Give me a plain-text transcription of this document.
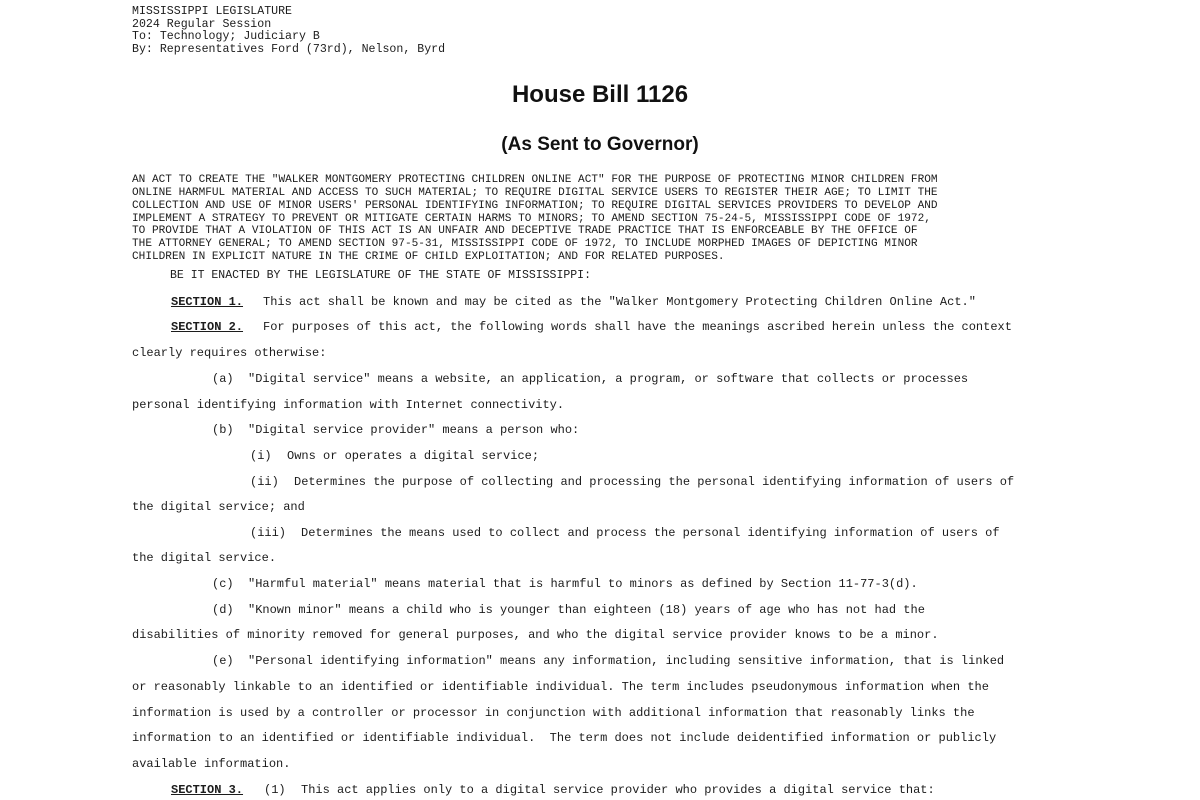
MISSISSIPPI LEGISLATURE
2024 Regular Session
To: Technology; Judiciary B
By: Representatives Ford (73rd), Nelson, Byrd
House Bill 1126
(As Sent to Governor)
AN ACT TO CREATE THE "WALKER MONTGOMERY PROTECTING CHILDREN ONLINE ACT" FOR THE PURPOSE OF PROTECTING MINOR CHILDREN FROM
ONLINE HARMFUL MATERIAL AND ACCESS TO SUCH MATERIAL; TO REQUIRE DIGITAL SERVICE USERS TO REGISTER THEIR AGE; TO LIMIT THE
COLLECTION AND USE OF MINOR USERS' PERSONAL IDENTIFYING INFORMATION; TO REQUIRE DIGITAL SERVICES PROVIDERS TO DEVELOP AND
IMPLEMENT A STRATEGY TO PREVENT OR MITIGATE CERTAIN HARMS TO MINORS; TO AMEND SECTION 75-24-5, MISSISSIPPI CODE OF 1972,
TO PROVIDE THAT A VIOLATION OF THIS ACT IS AN UNFAIR AND DECEPTIVE TRADE PRACTICE THAT IS ENFORCEABLE BY THE OFFICE OF
THE ATTORNEY GENERAL; TO AMEND SECTION 97-5-31, MISSISSIPPI CODE OF 1972, TO INCLUDE MORPHED IMAGES OF DEPICTING MINOR
CHILDREN IN EXPLICIT NATURE IN THE CRIME OF CHILD EXPLOITATION; AND FOR RELATED PURPOSES.
BE IT ENACTED BY THE LEGISLATURE OF THE STATE OF MISSISSIPPI:
SECTION 1. This act shall be known and may be cited as the "Walker Montgomery Protecting Children Online Act."
SECTION 2. For purposes of this act, the following words shall have the meanings ascribed herein unless the context
clearly requires otherwise:
(a) "Digital service" means a website, an application, a program, or software that collects or processes
personal identifying information with Internet connectivity.
(b) "Digital service provider" means a person who:
(i) Owns or operates a digital service;
(ii) Determines the purpose of collecting and processing the personal identifying information of users of
the digital service; and
(iii) Determines the means used to collect and process the personal identifying information of users of
the digital service.
(c) "Harmful material" means material that is harmful to minors as defined by Section 11-77-3(d).
(d) "Known minor" means a child who is younger than eighteen (18) years of age who has not had the
disabilities of minority removed for general purposes, and who the digital service provider knows to be a minor.
(e) "Personal identifying information" means any information, including sensitive information, that is linked
or reasonably linkable to an identified or identifiable individual. The term includes pseudonymous information when the
information is used by a controller or processor in conjunction with additional information that reasonably links the
information to an identified or identifiable individual.  The term does not include deidentified information or publicly
available information.
SECTION 3. (1) This act applies only to a digital service provider who provides a digital service that:
